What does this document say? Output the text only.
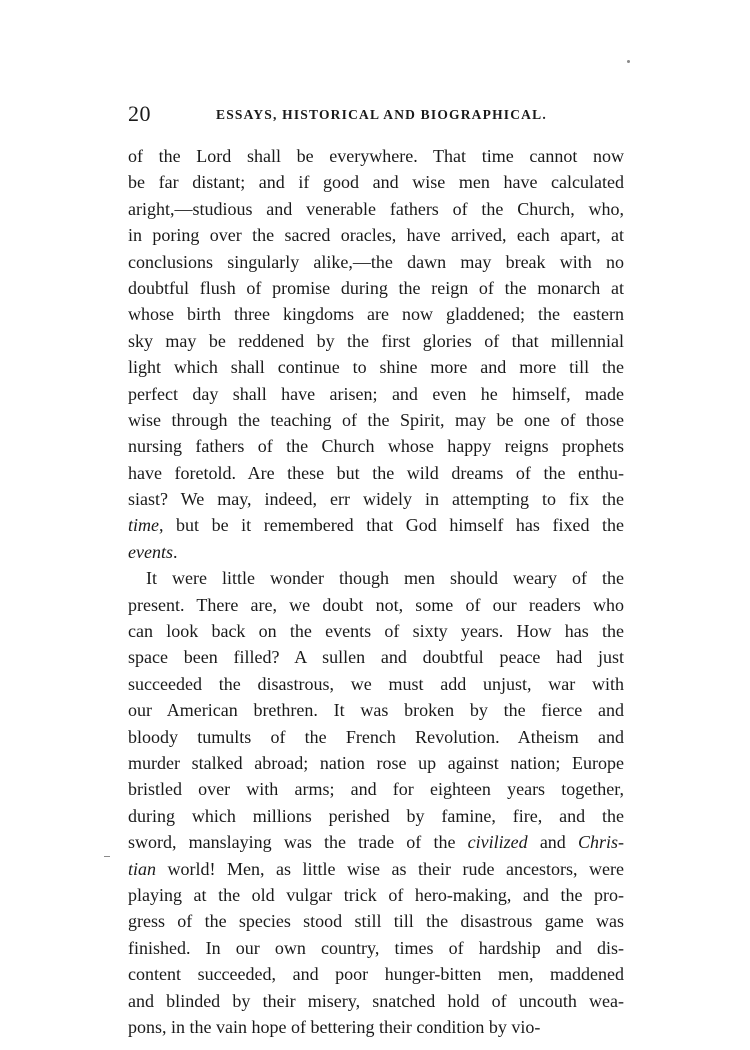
20	ESSAYS, HISTORICAL AND BIOGRAPHICAL.
of the Lord shall be everywhere. That time cannot now
be far distant; and if good and wise men have calculated
aright,—studious and venerable fathers of the Church, who,
in poring over the sacred oracles, have arrived, each apart, at
conclusions singularly alike,—the dawn may break with no
doubtful flush of promise during the reign of the monarch at
whose birth three kingdoms are now gladdened; the eastern
sky may be reddened by the first glories of that millennial
light which shall continue to shine more and more till the
perfect day shall have arisen; and even he himself, made
wise through the teaching of the Spirit, may be one of those
nursing fathers of the Church whose happy reigns prophets
have foretold. Are these but the wild dreams of the enthu-
siast? We may, indeed, err widely in attempting to fix the
time, but be it remembered that God himself has fixed the
events.
It were little wonder though men should weary of the
present. There are, we doubt not, some of our readers who
can look back on the events of sixty years. How has the
space been filled? A sullen and doubtful peace had just
succeeded the disastrous, we must add unjust, war with
our American brethren. It was broken by the fierce and
bloody tumults of the French Revolution. Atheism and
murder stalked abroad; nation rose up against nation; Europe
bristled over with arms; and for eighteen years together,
during which millions perished by famine, fire, and the
sword, manslaying was the trade of the civilized and Chris-
tian world! Men, as little wise as their rude ancestors, were
playing at the old vulgar trick of hero-making, and the pro-
gress of the species stood still till the disastrous game was
finished. In our own country, times of hardship and dis-
content succeeded, and poor hunger-bitten men, maddened
and blinded by their misery, snatched hold of uncouth wea-
pons, in the vain hope of bettering their condition by vio-
